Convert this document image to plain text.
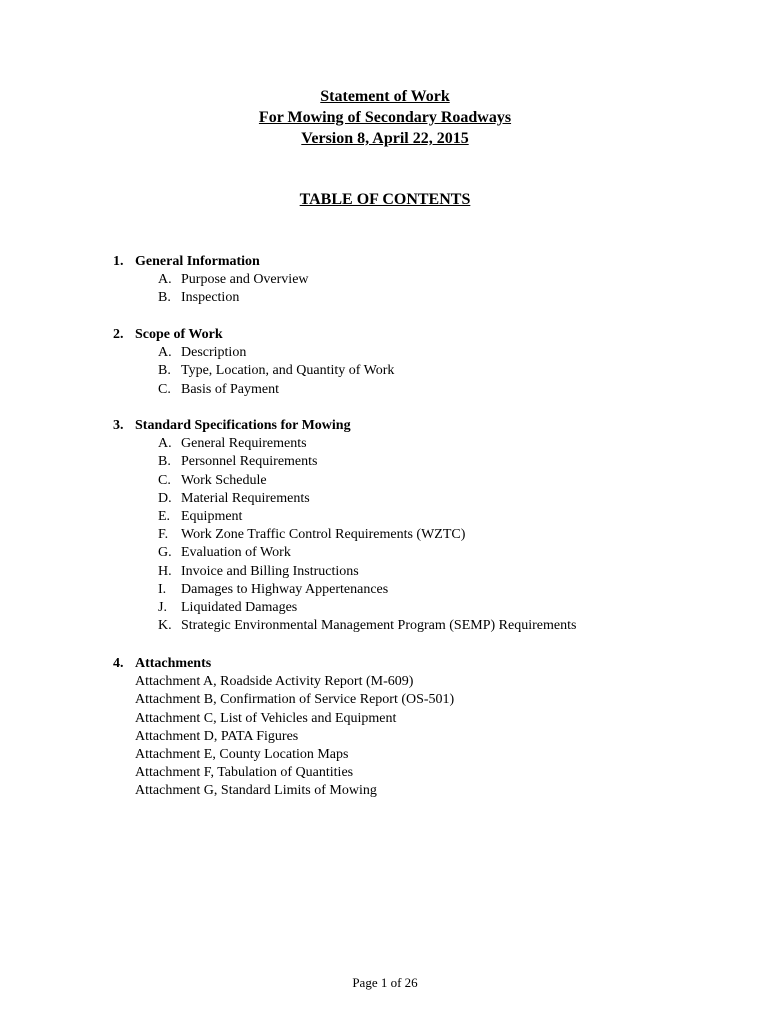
Statement of Work
For Mowing of Secondary Roadways
Version 8, April 22, 2015
TABLE OF CONTENTS
1. General Information
A. Purpose and Overview
B. Inspection
2. Scope of Work
A. Description
B. Type, Location, and Quantity of Work
C. Basis of Payment
3. Standard Specifications for Mowing
A. General Requirements
B. Personnel Requirements
C. Work Schedule
D. Material Requirements
E. Equipment
F. Work Zone Traffic Control Requirements (WZTC)
G. Evaluation of Work
H. Invoice and Billing Instructions
I.	Damages to Highway Appertenances
J.	Liquidated Damages
K. Strategic Environmental Management Program (SEMP) Requirements
4. Attachments
Attachment A, Roadside Activity Report (M-609)
Attachment B, Confirmation of Service Report (OS-501)
Attachment C, List of Vehicles and Equipment
Attachment D, PATA Figures
Attachment E, County Location Maps
Attachment F, Tabulation of Quantities
Attachment G, Standard Limits of Mowing
Page 1 of 26
